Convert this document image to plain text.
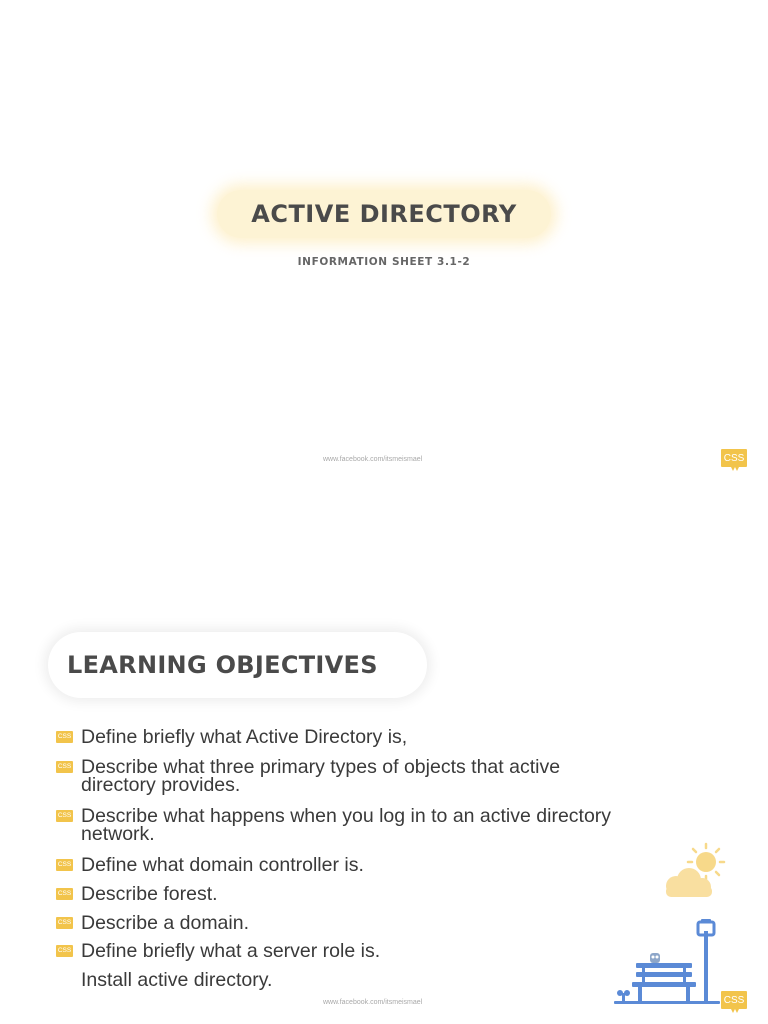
ACTIVE DIRECTORY
INFORMATION SHEET 3.1-2
www.facebook.com/itsmeismael	CSS
LEARNING OBJECTIVES
CSS Define briefly what Active Directory is,
CSS Describe what three primary types of objects that active
directory provides.
CSS Describe what happens when you log in to an active directory
network.
CSS Define what domain controller is.
CSS Describe forest.
CSS Describe a domain.
CSS Define briefly what a server role is.
Install active directory.
www.facebook.com/itsmeismael	CSS
